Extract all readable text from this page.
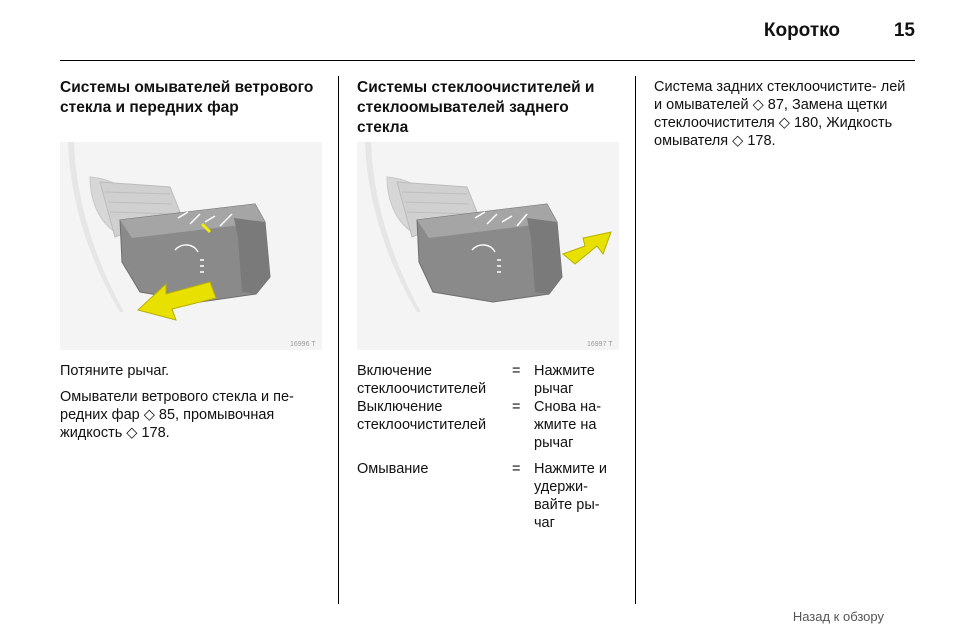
Коротко	15

Системы омывателей ветрового стекла и передних фар

16996 T
Потяните рычаг.
Омыватели ветрового стекла и пе- редних фар ◇ 85, промывочная жидкость ◇ 178.

Системы стеклоочистителей и стеклоомывателей заднего стекла

16997 T
Включение стеклоочистителей	=	Нажмите рычаг
Выключение стеклоочистителей	=	Снова на- жмите на рычаг
Омывание	=	Нажмите и удержи- вайте ры- чаг

Система задних стеклоочистите- лей и омывателей ◇ 87, Замена щетки стеклоочистителя ◇ 180, Жидкость омывателя ◇ 178.

Назад к обзору
